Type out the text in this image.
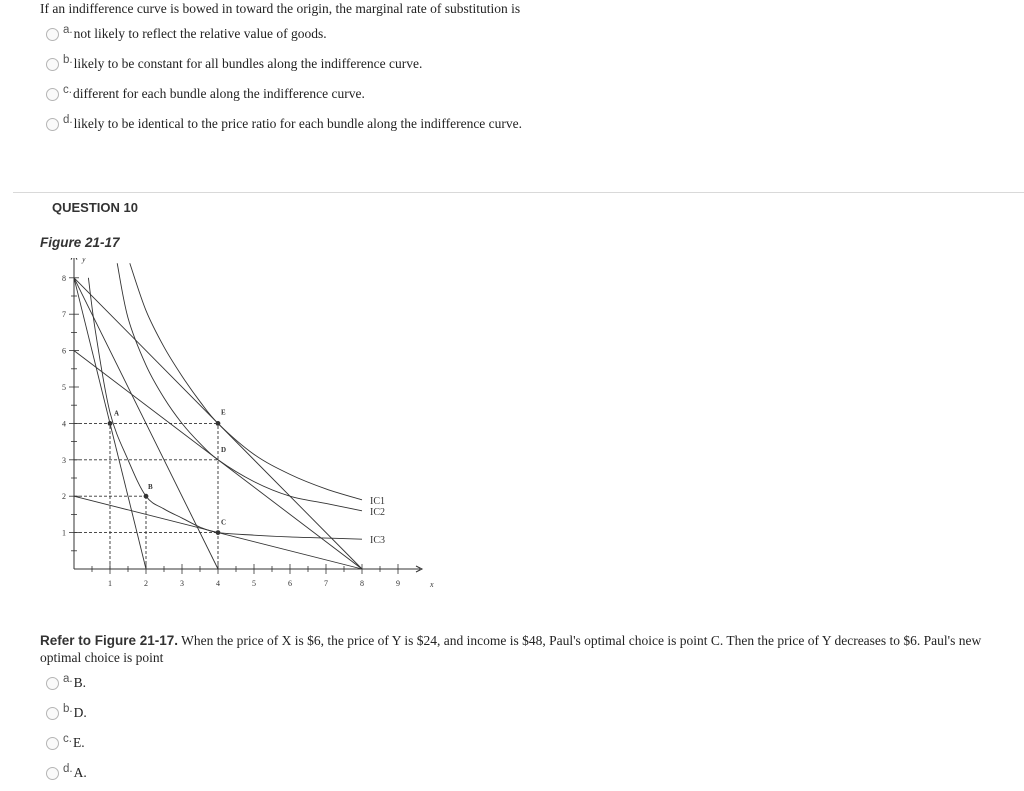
If an indifference curve is bowed in toward the origin, the marginal rate of substitution is
a. not likely to reflect the relative value of goods.
b. likely to be constant for all bundles along the indifference curve.
c. different for each bundle along the indifference curve.
d. likely to be identical to the price ratio for each bundle along the indifference curve.
QUESTION 10
Figure 21-17
x
y
1	2	3	4	5	6	7	8	9
1
2
3
4
5
6
7
8
IC1
IC2
IC3
A
B
E
D
C
Refer to Figure 21-17. When the price of X is $6, the price of Y is $24, and income is $48, Paul's optimal choice is point C. Then the price of Y decreases to $6. Paul's new optimal choice is point
a. B.
b. D.
c. E.
d. A.
